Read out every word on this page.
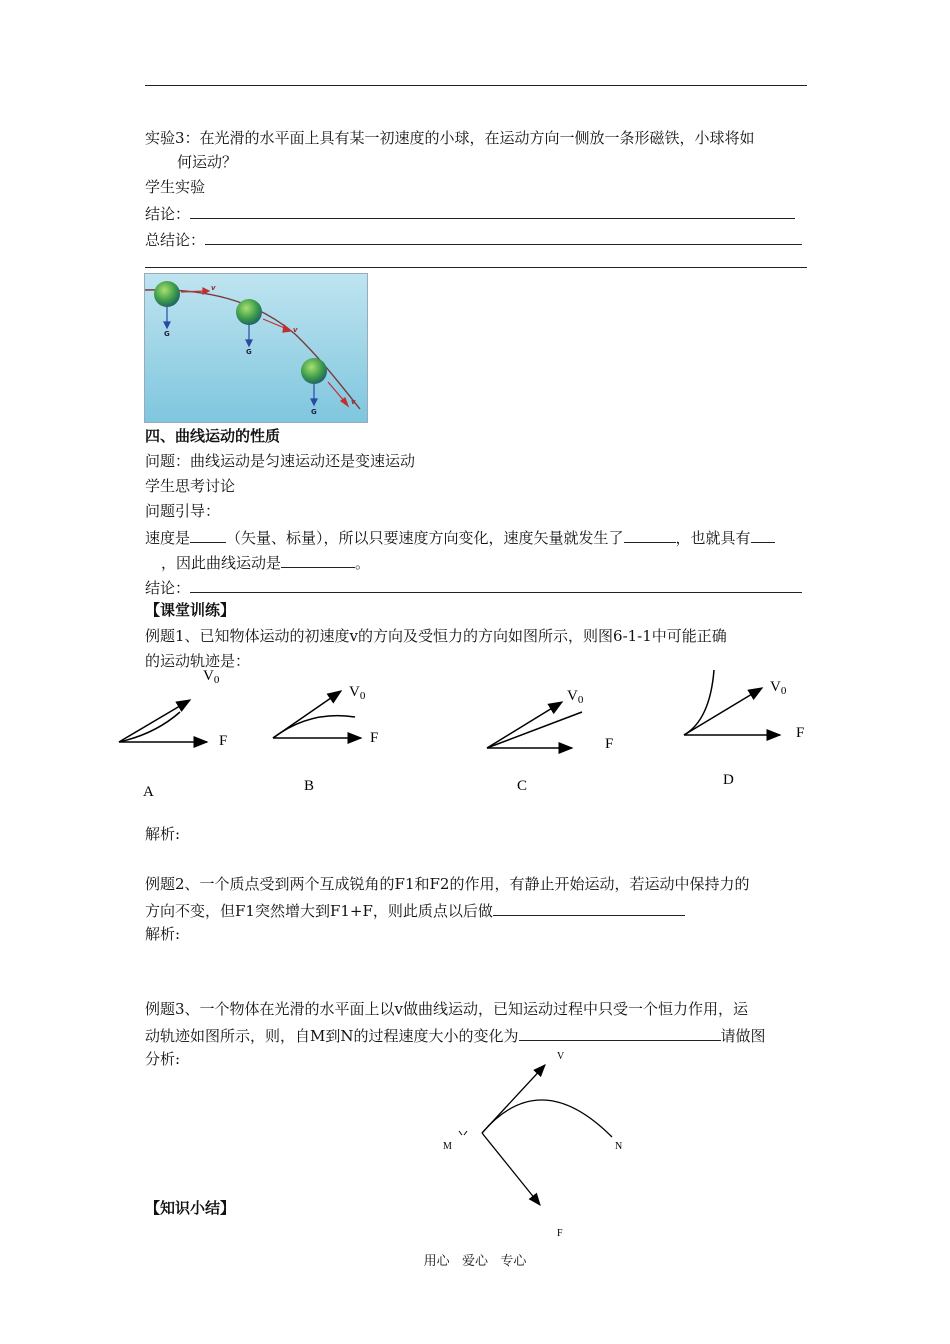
实验3：在光滑的水平面上具有某一初速度的小球，在运动方向一侧放一条形磁铁，小球将如
何运动？
学生实验
结论：
总结论：
G
G
G
v
v
v
四、曲线运动的性质
问题：曲线运动是匀速运动还是变速运动
学生思考讨论
问题引导：
速度是 （矢量、标量），所以只要速度方向变化，速度矢量就发生了	，也就具有
，因此曲线运动是	。
结论：
【课堂训练】
例题1、已知物体运动的初速度v的方向及受恒力的方向如图所示，则图6-1-1中可能正确
的运动轨迹是：
$V_0$
F
A
$V_0$
F
B
$V_0$
F
C
$V_0$
F
D
解析:
例题2、一个质点受到两个互成锐角的F1和F2的作用，有静止开始运动，若运动中保持力的
方向不变，但F1突然增大到F1+F，则此质点以后做
解析:
例题3、一个物体在光滑的水平面上以v做曲线运动，已知运动过程中只受一个恒力作用，运
动轨迹如图所示，则，自M到N的过程速度大小的变化为	请做图
分析:	V
M	N
F
【知识小结】
用心   爱心   专心
